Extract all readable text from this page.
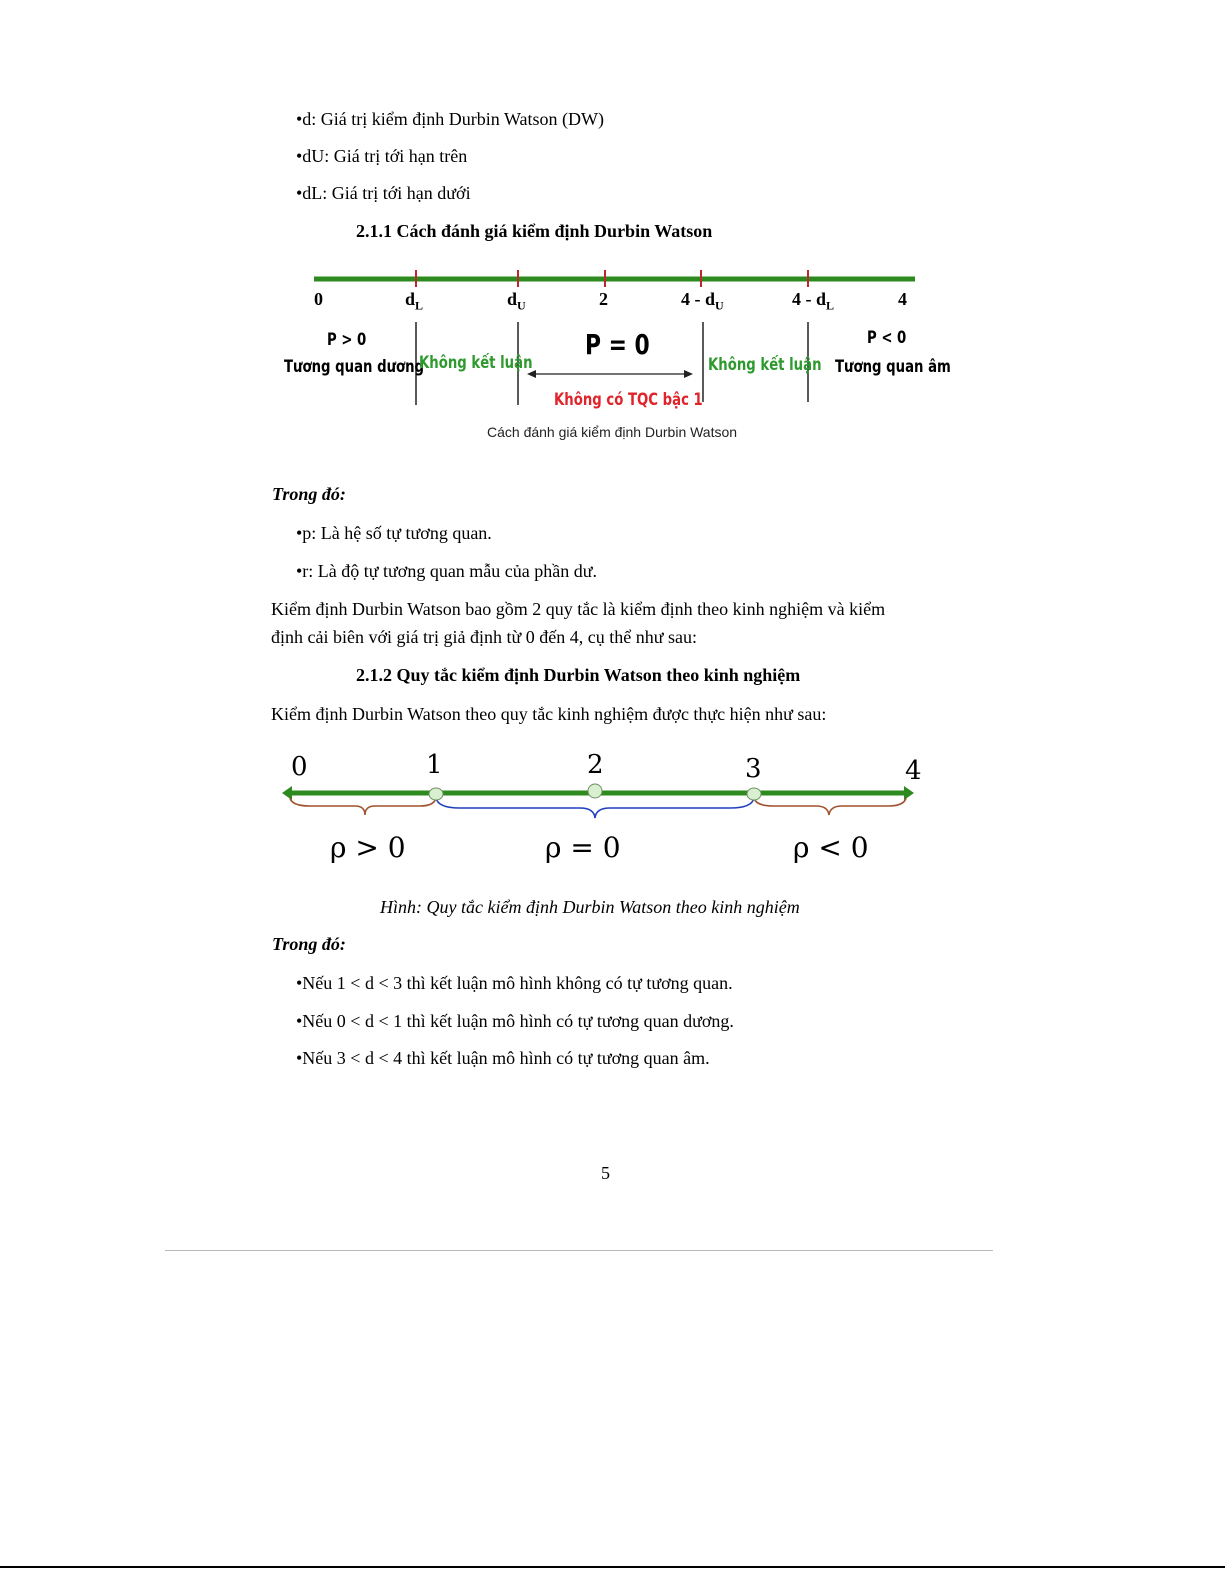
•d: Giá trị kiểm định Durbin Watson (DW)
•dU: Giá trị tới hạn trên
•dL: Giá trị tới hạn dưới
2.1.1 Cách đánh giá kiểm định Durbin Watson
0	$d_L$	$d_U$	2	$4 - d_U$	$4 - d_L$	4
P > 0
Tương quan dương
Không kết luận
P = 0
Không có TQC bậc 1
Không kết luận
P < 0
Tương quan âm
Cách đánh giá kiểm định Durbin Watson
Trong đó:
•p: Là hệ số tự tương quan.
•r: Là độ tự tương quan mẫu của phần dư.
Kiểm định Durbin Watson bao gồm 2 quy tắc là kiểm định theo kinh nghiệm và kiểm
định cải biên với giá trị giả định từ 0 đến 4, cụ thể như sau:
2.1.2 Quy tắc kiểm định Durbin Watson theo kinh nghiệm
Kiểm định Durbin Watson theo quy tắc kinh nghiệm được thực hiện như sau:
0	1	2	3	4
ρ > 0	ρ = 0	ρ < 0
Hình: Quy tắc kiểm định Durbin Watson theo kinh nghiệm
Trong đó:
•Nếu 1 < d < 3 thì kết luận mô hình không có tự tương quan.
•Nếu 0 < d < 1 thì kết luận mô hình có tự tương quan dương.
•Nếu 3 < d < 4 thì kết luận mô hình có tự tương quan âm.
5
